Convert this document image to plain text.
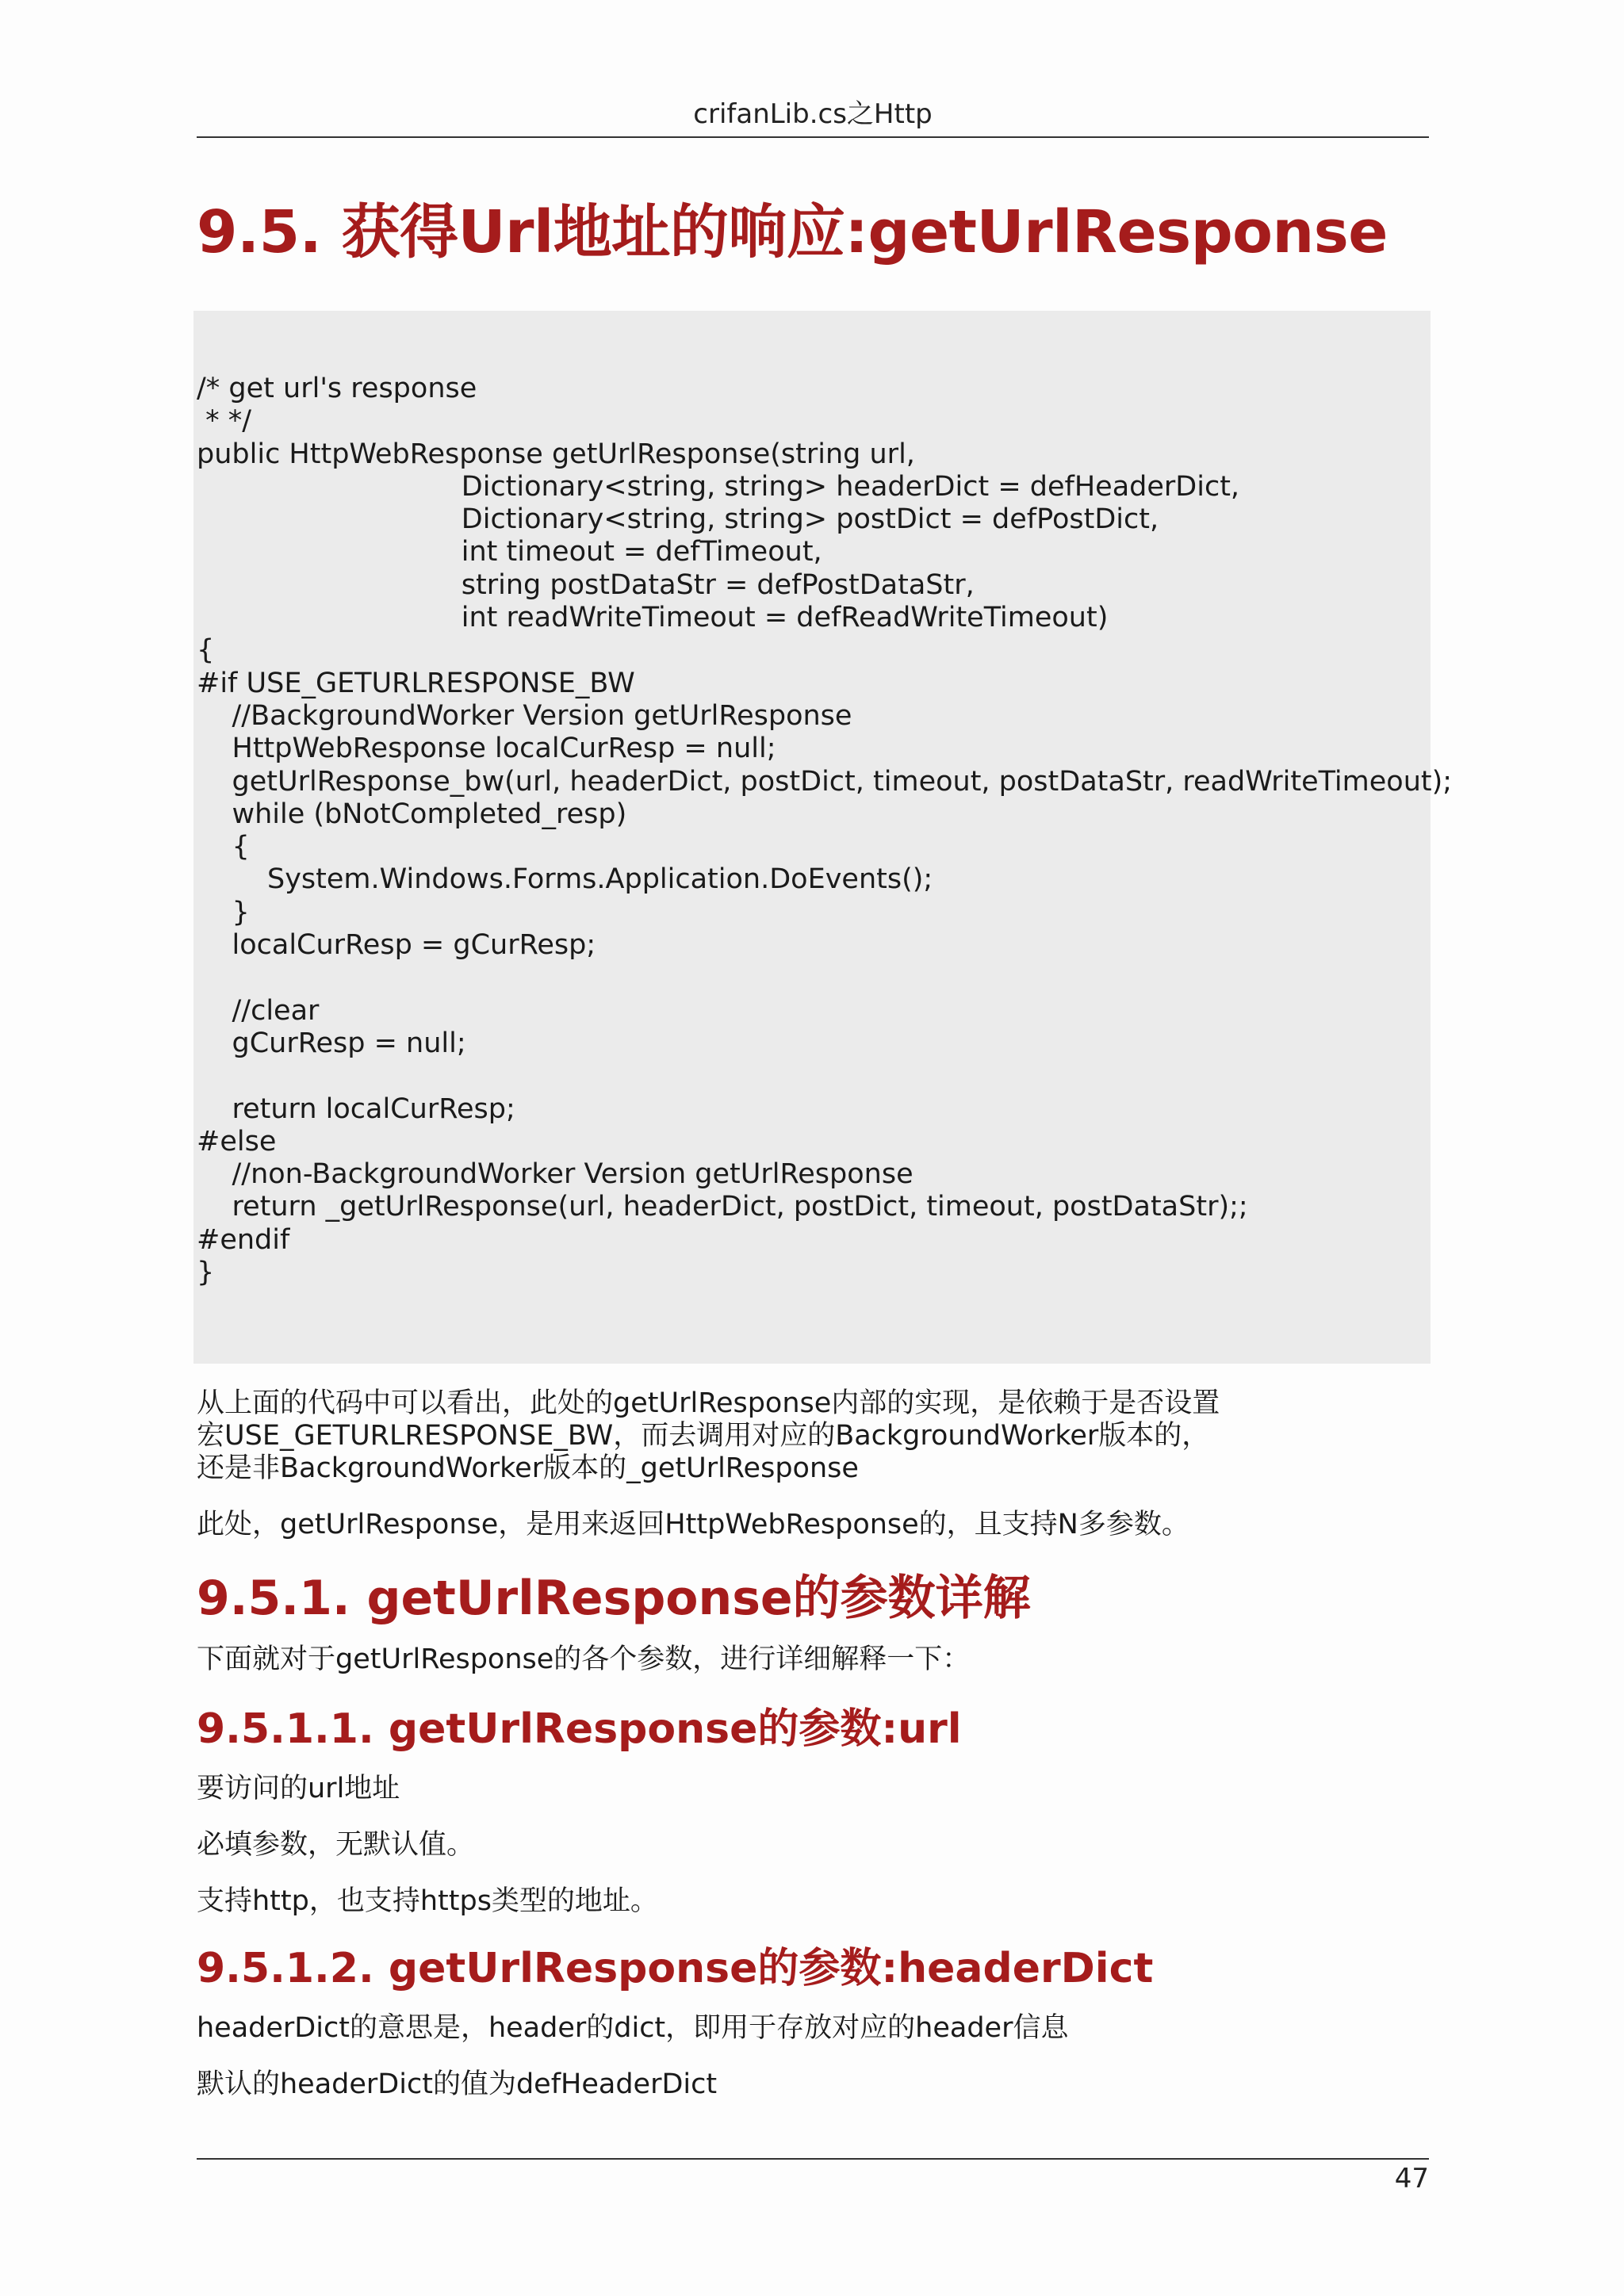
crifanLib.cs之Http
9.5. 获得Url地址的响应:getUrlResponse
/* get url's response
* */
public HttpWebResponse getUrlResponse(string url,
Dictionary<string, string> headerDict = defHeaderDict,
Dictionary<string, string> postDict = defPostDict,
int timeout = defTimeout,
string postDataStr = defPostDataStr,
int readWriteTimeout = defReadWriteTimeout)
{
#if USE_GETURLRESPONSE_BW
//BackgroundWorker Version getUrlResponse
HttpWebResponse localCurResp = null;
getUrlResponse_bw(url, headerDict, postDict, timeout, postDataStr, readWriteTimeout);
while (bNotCompleted_resp)
{
System.Windows.Forms.Application.DoEvents();
}
localCurResp = gCurResp;

//clear
gCurResp = null;

return localCurResp;
#else
//non-BackgroundWorker Version getUrlResponse
return _getUrlResponse(url, headerDict, postDict, timeout, postDataStr);;
#endif
}

从上面的代码中可以看出，此处的getUrlResponse内部的实现，是依赖于是否设置宏USE_GETURLRESPONSE_BW，而去调用对应的BackgroundWorker版本的，还是非BackgroundWorker版本的_getUrlResponse

此处，getUrlResponse，是用来返回HttpWebResponse的，且支持N多参数。

9.5.1. getUrlResponse的参数详解

下面就对于getUrlResponse的各个参数，进行详细解释一下：

9.5.1.1. getUrlResponse的参数:url

要访问的url地址

必填参数，无默认值。

支持http，也支持https类型的地址。

9.5.1.2. getUrlResponse的参数:headerDict

headerDict的意思是，header的dict，即用于存放对应的header信息

默认的headerDict的值为defHeaderDict

47
